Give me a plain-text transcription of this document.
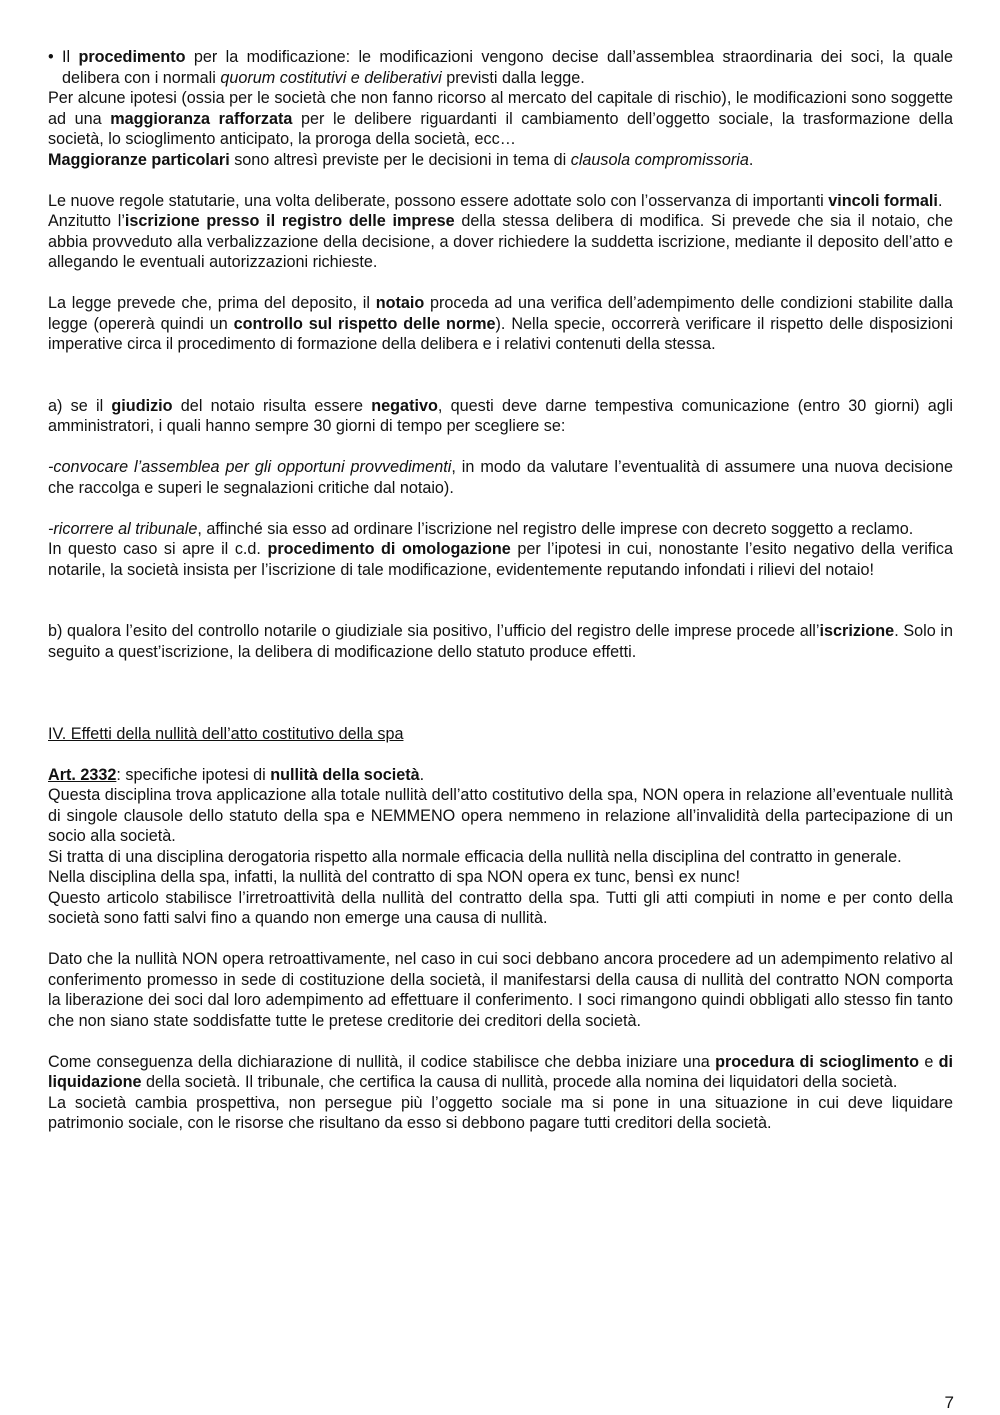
• Il procedimento per la modificazione: le modificazioni vengono decise dall’assemblea straordinaria dei soci, la quale delibera con i normali quorum costitutivi e deliberativi previsti dalla legge.

Per alcune ipotesi (ossia per le società che non fanno ricorso al mercato del capitale di rischio), le modificazioni sono soggette ad una maggioranza rafforzata per le delibere riguardanti il cambiamento dell’oggetto sociale, la trasformazione della società, lo scioglimento anticipato, la proroga della società, ecc…

Maggioranze particolari sono altresì previste per le decisioni in tema di clausola compromissoria.

Le nuove regole statutarie, una volta deliberate, possono essere adottate solo con l’osservanza di importanti vincoli formali.

Anzitutto l’iscrizione presso il registro delle imprese della stessa delibera di modifica. Si prevede che sia il notaio, che abbia provveduto alla verbalizzazione della decisione, a dover richiedere la suddetta iscrizione, mediante il deposito dell’atto e allegando le eventuali autorizzazioni richieste.

La legge prevede che, prima del deposito, il notaio proceda ad una verifica dell’adempimento delle condizioni stabilite dalla legge (opererà quindi un controllo sul rispetto delle norme). Nella specie, occorrerà verificare il rispetto delle disposizioni imperative circa il procedimento di formazione della delibera e i relativi contenuti della stessa.

a) se il giudizio del notaio risulta essere negativo, questi deve darne tempestiva comunicazione (entro 30 giorni) agli amministratori, i quali hanno sempre 30 giorni di tempo per scegliere se:

-convocare l’assemblea per gli opportuni provvedimenti, in modo da valutare l’eventualità di assumere una nuova decisione che raccolga e superi le segnalazioni critiche dal notaio).

-ricorrere al tribunale, affinché sia esso ad ordinare l’iscrizione nel registro delle imprese con decreto soggetto a reclamo.

In questo caso si apre il c.d. procedimento di omologazione per l’ipotesi in cui, nonostante l’esito negativo della verifica notarile, la società insista per l’iscrizione di tale modificazione, evidentemente reputando infondati i rilievi del notaio!

b) qualora l’esito del controllo notarile o giudiziale sia positivo, l’ufficio del registro delle imprese procede all’iscrizione. Solo in seguito a quest’iscrizione, la delibera di modificazione dello statuto produce effetti.

IV. Effetti della nullità dell’atto costitutivo della spa

Art. 2332: specifiche ipotesi di nullità della società.

Questa disciplina trova applicazione alla totale nullità dell’atto costitutivo della spa, NON opera in relazione all’eventuale nullità di singole clausole dello statuto della spa e NEMMENO opera nemmeno in relazione all’invalidità della partecipazione di un socio alla società.

Si tratta di una disciplina derogatoria rispetto alla normale efficacia della nullità nella disciplina del contratto in generale.

Nella disciplina della spa, infatti, la nullità del contratto di spa NON opera ex tunc, bensì ex nunc!

Questo articolo stabilisce l’irretroattività della nullità del contratto della spa. Tutti gli atti compiuti in nome e per conto della società sono fatti salvi fino a quando non emerge una causa di nullità.

Dato che la nullità NON opera retroattivamente, nel caso in cui soci debbano ancora procedere ad un adempimento relativo al conferimento promesso in sede di costituzione della società, il manifestarsi della causa di nullità del contratto NON comporta la liberazione dei soci dal loro adempimento ad effettuare il conferimento. I soci rimangono quindi obbligati allo stesso fin tanto che non siano state soddisfatte tutte le pretese creditorie dei creditori della società.

Come conseguenza della dichiarazione di nullità, il codice stabilisce che debba iniziare una procedura di scioglimento e di liquidazione della società. Il tribunale, che certifica la causa di nullità, procede alla nomina dei liquidatori della società.

La società cambia prospettiva, non persegue più l’oggetto sociale ma si pone in una situazione in cui deve liquidare patrimonio sociale, con le risorse che risultano da esso si debbono pagare tutti creditori della società.

7
